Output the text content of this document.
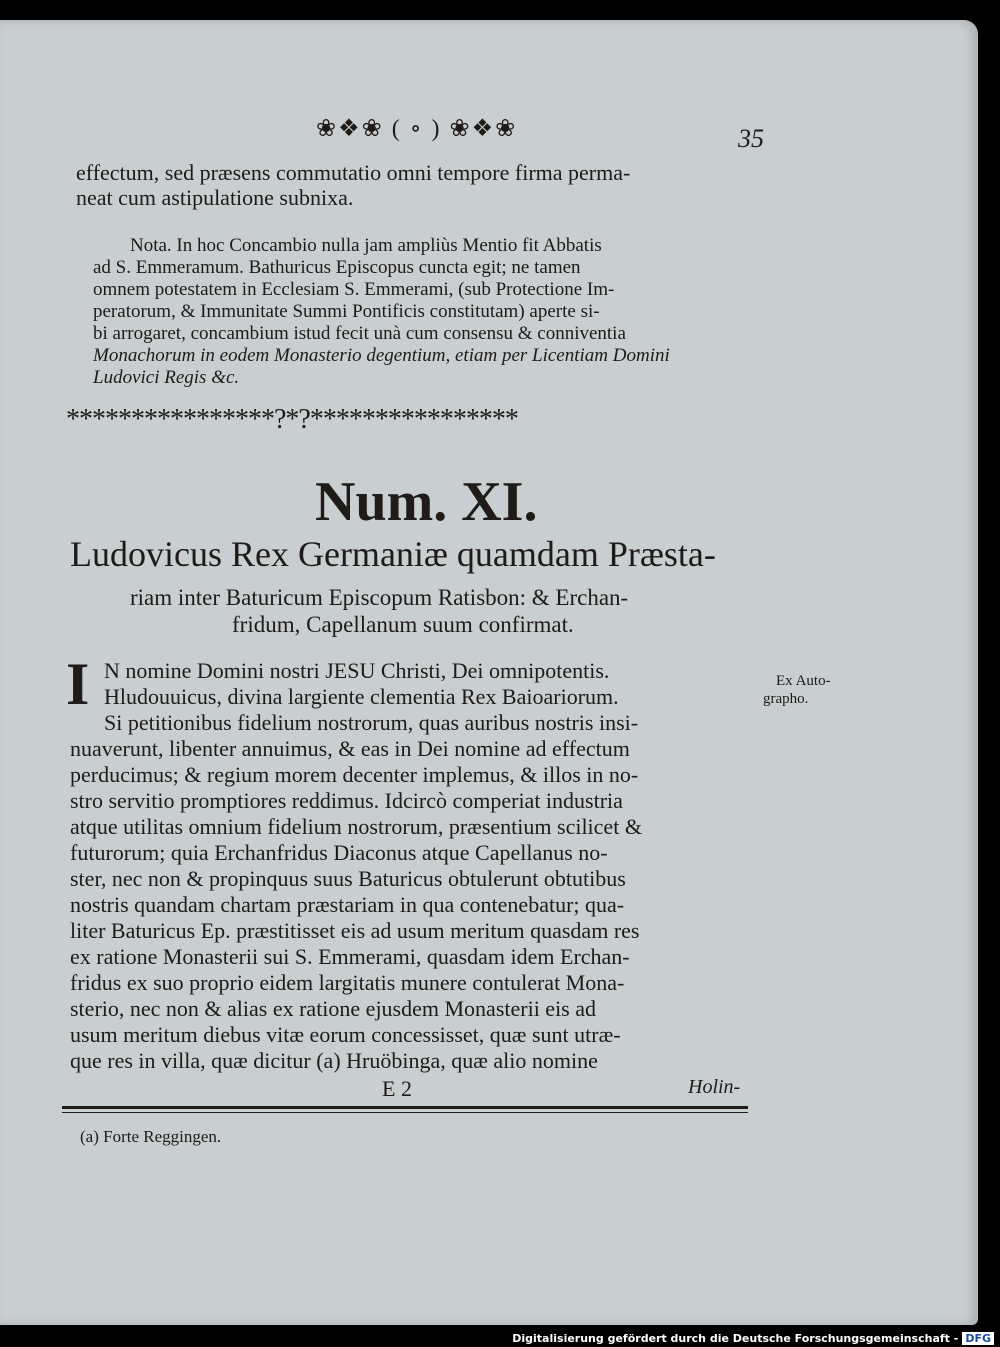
❀❖❀ ( ∘ ) ❀❖❀	35
effectum, sed præsens commutatio omni tempore firma perma-
neat cum astipulatione subnixa.
Nota. In hoc Concambio nulla jam ampliùs Mentio fit Abbatis
ad S. Emmeramum. Bathuricus Episcopus cuncta egit; ne tamen
omnem potestatem in Ecclesiam S. Emmerami, (sub Protectione Im-
peratorum, & Immunitate Summi Pontificis constitutam) aperte si-
bi arrogaret, concambium istud fecit unà cum consensu & conniventia
Monachorum in eodem Monasterio degentium, etiam per Licentiam Domini
Ludovici Regis &c.
****************?*?****************
Num. XI.
Ludovicus Rex Germaniæ quamdam Præsta-
riam inter Baturicum Episcopum Ratisbon: & Erchan-
fridum, Capellanum suum confirmat.
I N nomine Domini nostri JESU Christi, Dei omnipotentis.
Hludouuicus, divina largiente clementia Rex Baioariorum.
Si petitionibus fidelium nostrorum, quas auribus nostris insi-
nuaverunt, libenter annuimus, & eas in Dei nomine ad effectum
perducimus; & regium morem decenter implemus, & illos in no-
stro servitio promptiores reddimus. Idcircò comperiat industria
atque utilitas omnium fidelium nostrorum, præsentium scilicet &
futurorum; quia Erchanfridus Diaconus atque Capellanus no-
ster, nec non & propinquus suus Baturicus obtulerunt obtutibus
nostris quandam chartam præstariam in qua contenebatur; qua-
liter Baturicus Ep. præstitisset eis ad usum meritum quasdam res
ex ratione Monasterii sui S. Emmerami, quasdam idem Erchan-
fridus ex suo proprio eidem largitatis munere contulerat Mona-
sterio, nec non & alias ex ratione ejusdem Monasterii eis ad
usum meritum diebus vitæ eorum concessisset, quæ sunt utræ-
que res in villa, quæ dicitur (a) Hruöbinga, quæ alio nomine
Ex Auto-
grapho.
E 2	Holin-
(a) Forte Reggingen.
Digitalisierung gefördert durch die Deutsche Forschungsgemeinschaft - DFG
